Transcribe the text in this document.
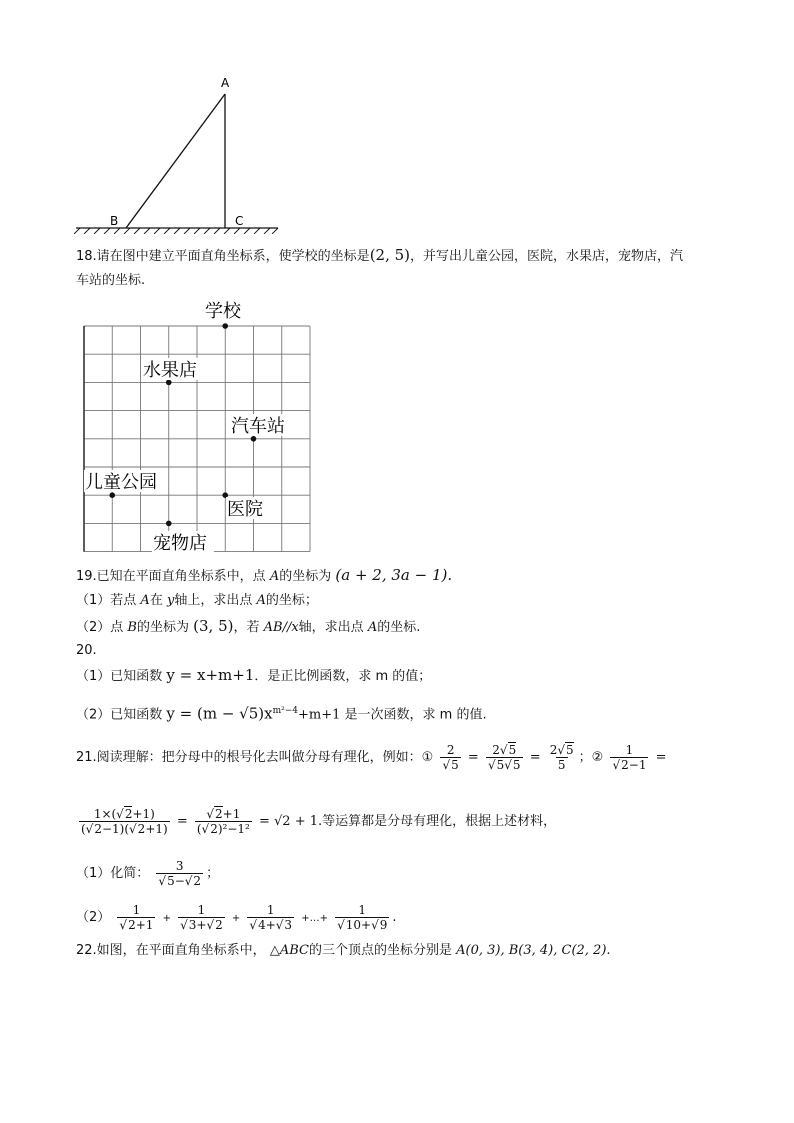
A
B	C
18.请在图中建立平面直角坐标系，使学校的坐标是(2, 5)，并写出儿童公园，医院，水果店，宠物店，汽
车站的坐标.
学校
水果店
汽车站
儿童公园
医院
宠物店
19.已知在平面直角坐标系中，点 A的坐标为 (a + 2, 3a − 1).
（1）若点 A在 y轴上，求出点 A的坐标；
（2）点 B的坐标为 (3, 5)，若 AB//x轴，求出点 A的坐标.
20.
（1）已知函数 y = x+m+1．是正比例函数，求 m 的值；
（2）已知函数 $y = (m - √5)x^{m^2-4}+m+1$ 是一次函数，求 m 的值.
21.阅读理解：把分母中的根号化去叫做分母有理化，例如：① $\frac{2}{√5} = \frac{2√5}{√5√5} = \frac{2√5}{5}$ ；② $\frac{1}{√2-1}$ =
$\frac{1\times(√2+1)}{(√2-1)(√2+1)} = \frac{√2+1}{\text{(√2)²−1²}} = √2 + 1$.等运算都是分母有理化，根据上述材料，
（1）化简： $\frac{3}{√5-√2}$ ；
$(2) \frac{1}{√2+1} + \frac{1}{√3+√2} + \frac{1}{√4+√3}$ +…+ $\frac{1}{√10+√9}$ .
22.如图，在平面直角坐标系中， △ABC的三个顶点的坐标分别是 A(0, 3), B(3, 4), C(2, 2).
